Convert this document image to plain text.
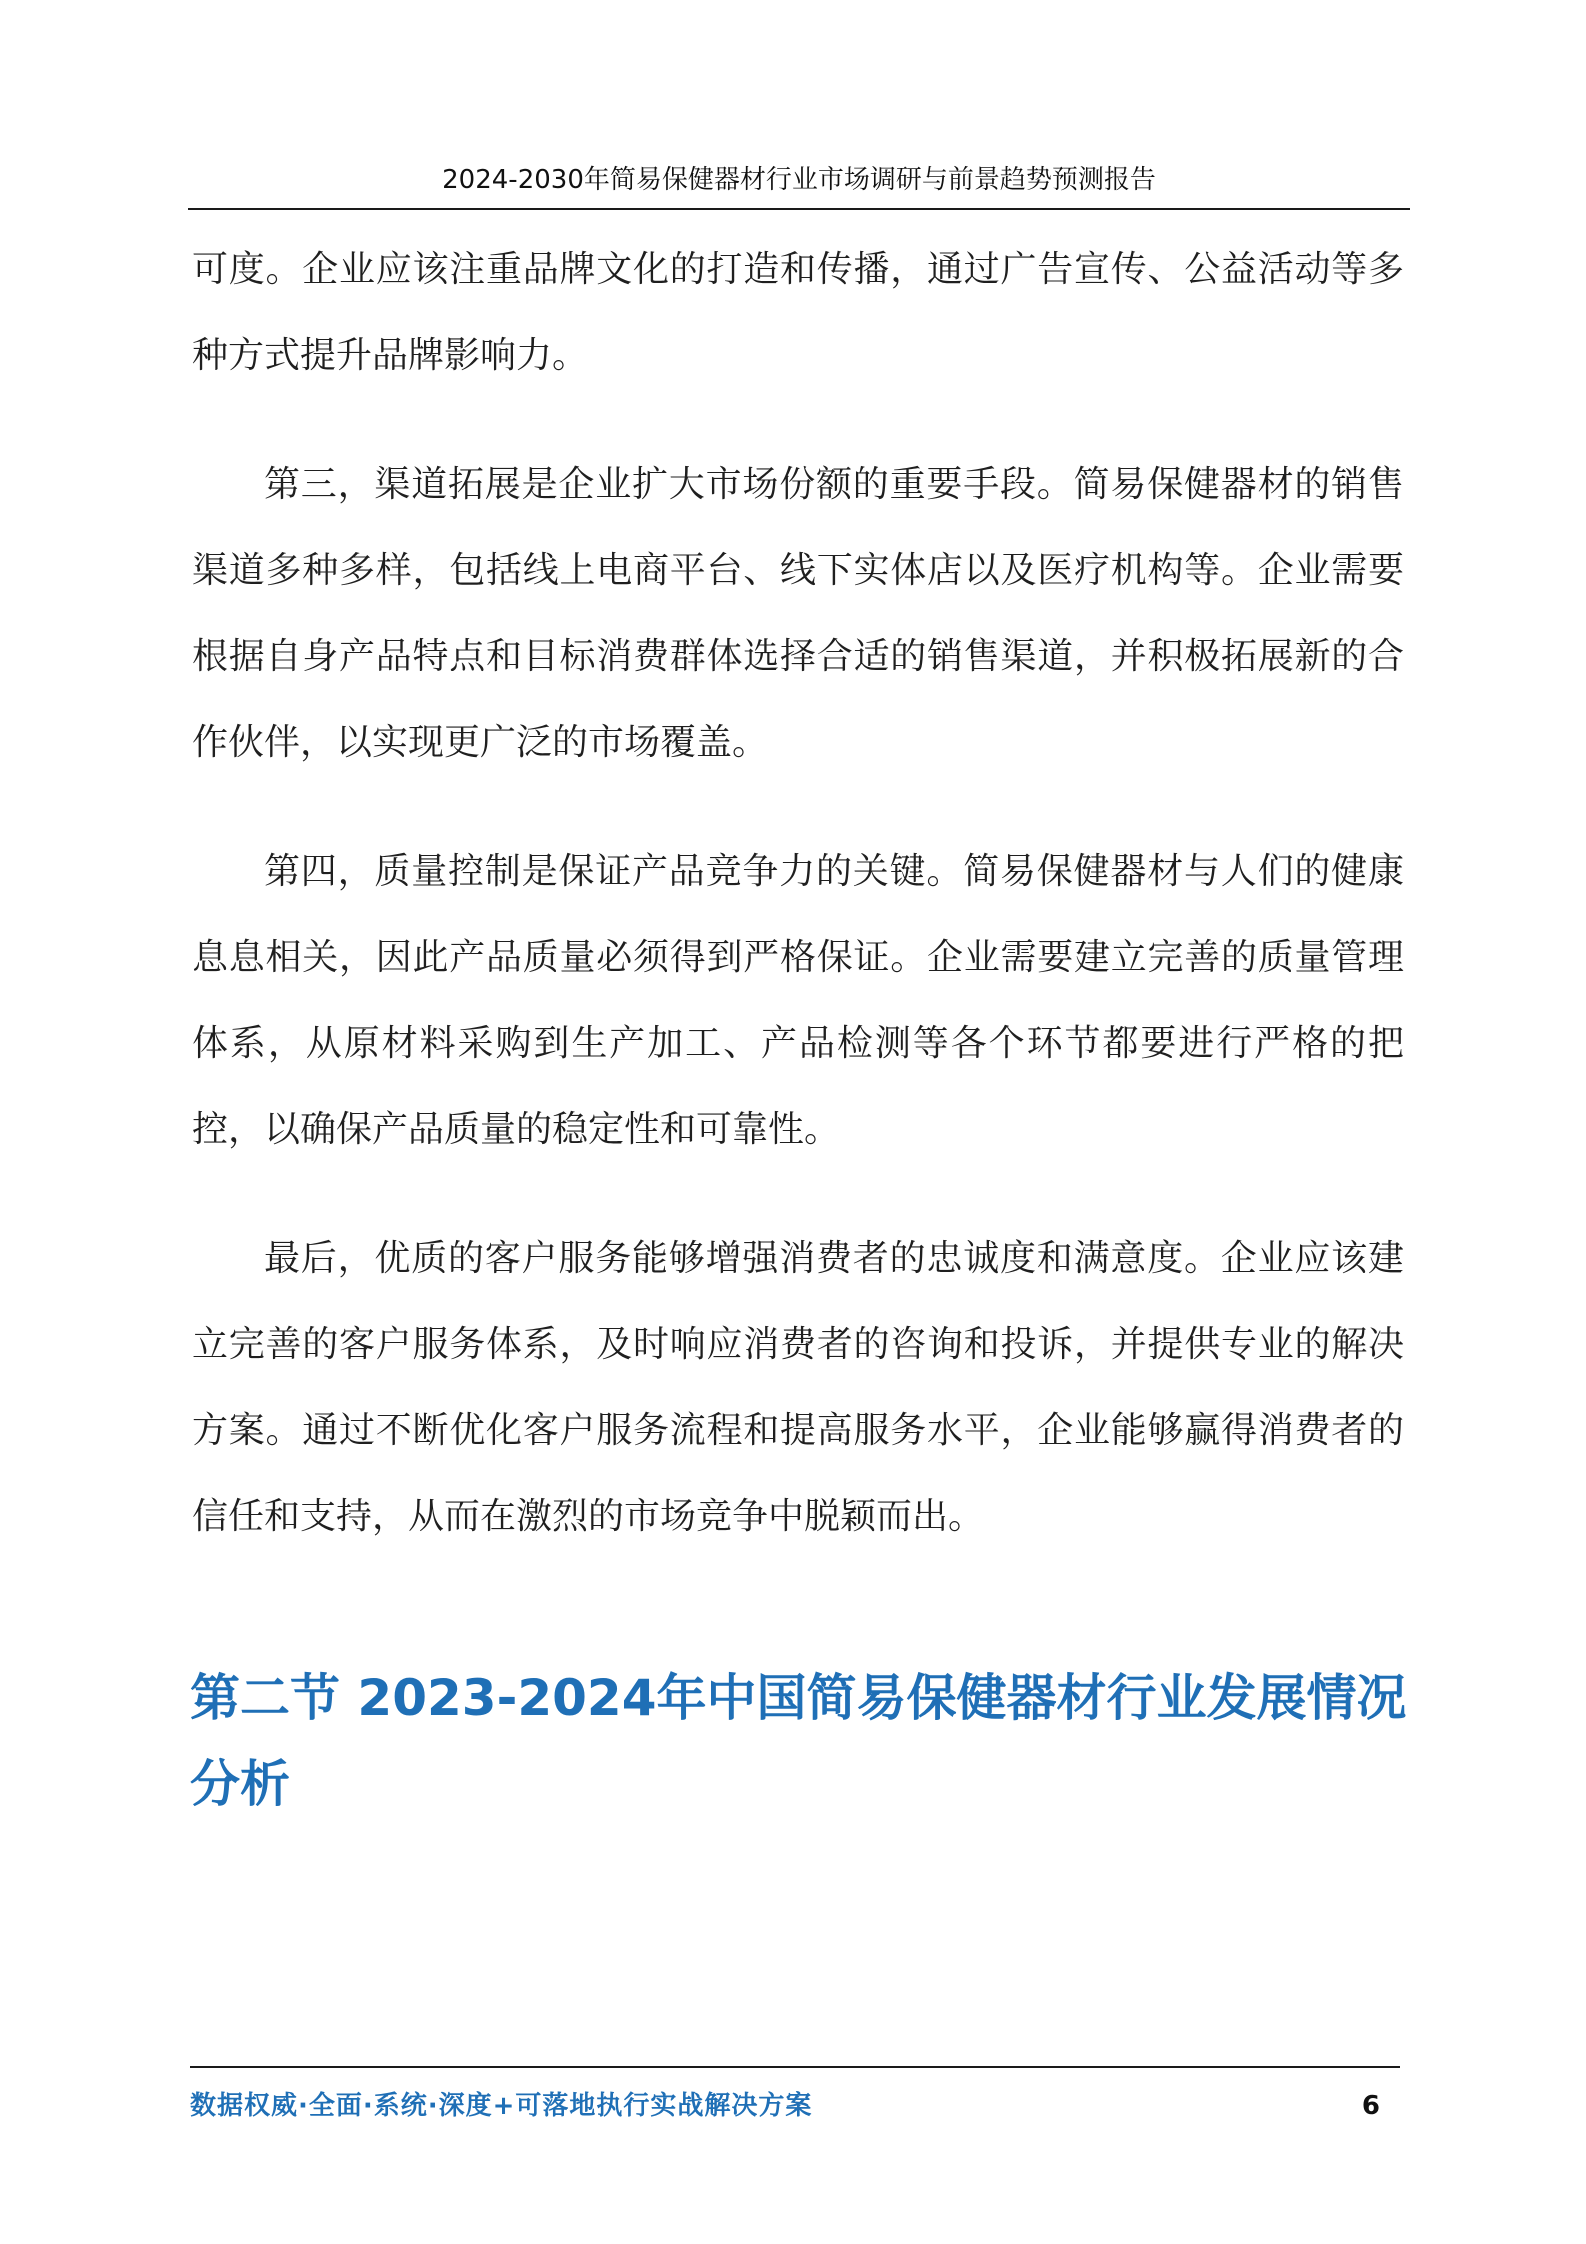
2024-2030年简易保健器材行业市场调研与前景趋势预测报告

可度。企业应该注重品牌文化的打造和传播，通过广告宣传、公益活动等多种方式提升品牌影响力。

第三，渠道拓展是企业扩大市场份额的重要手段。简易保健器材的销售渠道多种多样，包括线上电商平台、线下实体店以及医疗机构等。企业需要根据自身产品特点和目标消费群体选择合适的销售渠道，并积极拓展新的合作伙伴，以实现更广泛的市场覆盖。

第四，质量控制是保证产品竞争力的关键。简易保健器材与人们的健康息息相关，因此产品质量必须得到严格保证。企业需要建立完善的质量管理体系，从原材料采购到生产加工、产品检测等各个环节都要进行严格的把控，以确保产品质量的稳定性和可靠性。

最后，优质的客户服务能够增强消费者的忠诚度和满意度。企业应该建立完善的客户服务体系，及时响应消费者的咨询和投诉，并提供专业的解决方案。通过不断优化客户服务流程和提高服务水平，企业能够赢得消费者的信任和支持，从而在激烈的市场竞争中脱颖而出。

第二节 2023-2024年中国简易保健器材行业发展情况分析
数据权威·全面·系统·深度+可落地执行实战解决方案	6
